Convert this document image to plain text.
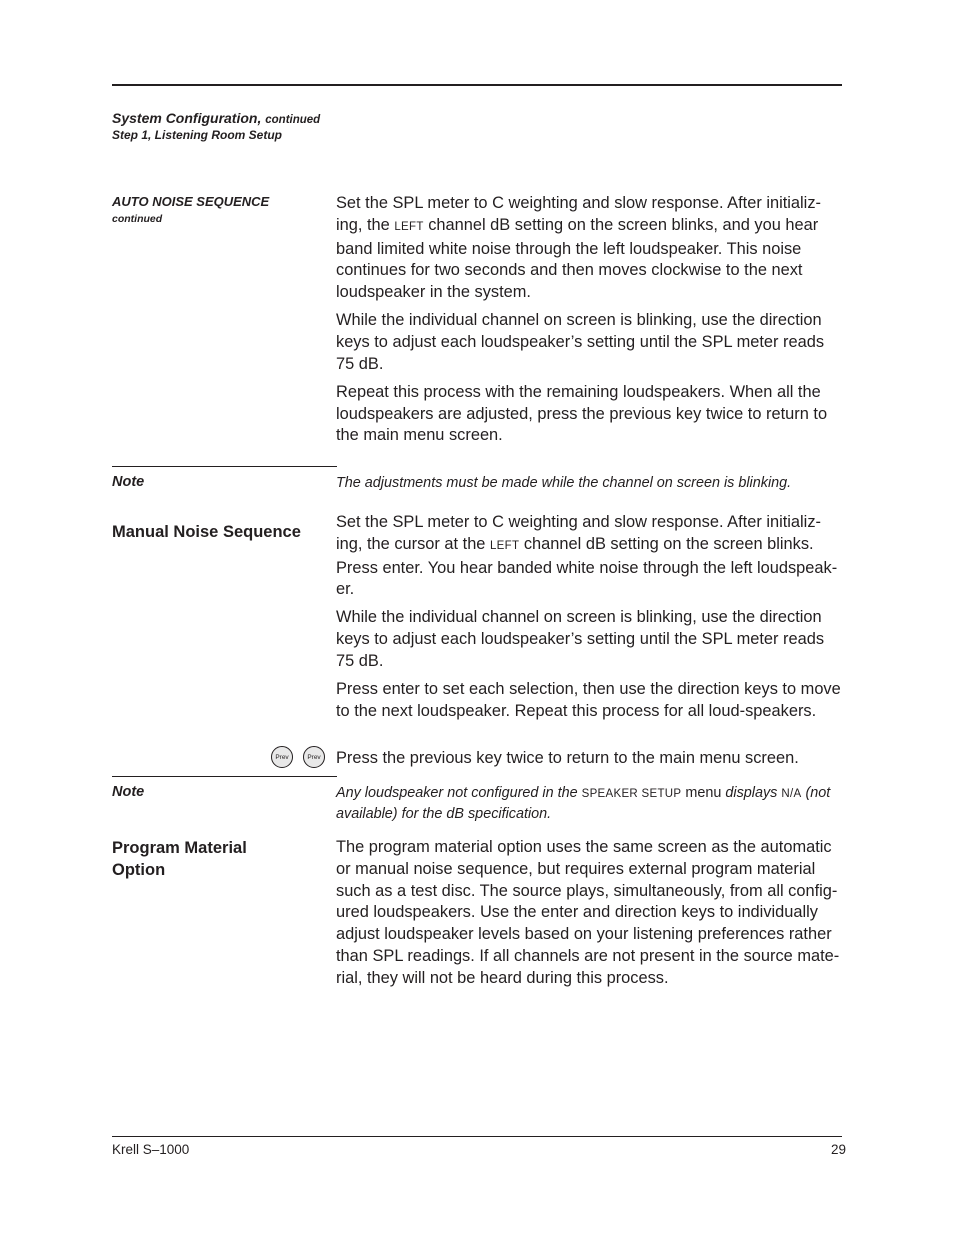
System Configuration, continued
Step 1, Listening Room Setup
AUTO NOISE SEQUENCE
continued

Set the SPL meter to C weighting and slow response. After initializ-ing, the LEFT channel dB setting on the screen blinks, and you hear band limited white noise through the left loudspeaker. This noise continues for two seconds and then moves clockwise to the next loudspeaker in the system.

While the individual channel on screen is blinking, use the direction keys to adjust each loudspeaker’s setting until the SPL meter reads 75 dB.

Repeat this process with the remaining loudspeakers. When all the loudspeakers are adjusted, press the previous key twice to return to the main menu screen.

Note	The adjustments must be made while the channel on screen is blinking.
Manual Noise Sequence

Set the SPL meter to C weighting and slow response. After initializ-ing, the cursor at the LEFT channel dB setting on the screen blinks. Press enter. You hear banded white noise through the left loudspeak-er.

While the individual channel on screen is blinking, use the direction keys to adjust each loudspeaker’s setting until the SPL meter reads 75 dB.

Press enter to set each selection, then use the direction keys to move to the next loudspeaker. Repeat this process for all loud-speakers.

Prev	Prev Press the previous key twice to return to the main menu screen.
Note	Any loudspeaker not configured in the SPEAKER SETUP menu displays N/A (not available) for the dB specification.
Program Material
Option

The program material option uses the same screen as the automatic or manual noise sequence, but requires external program material such as a test disc. The source plays, simultaneously, from all config-ured loudspeakers. Use the enter and direction keys to individually adjust loudspeaker levels based on your listening preferences rather than SPL readings. If all channels are not present in the source mate-rial, they will not be heard during this process.

Krell S–1000	29
